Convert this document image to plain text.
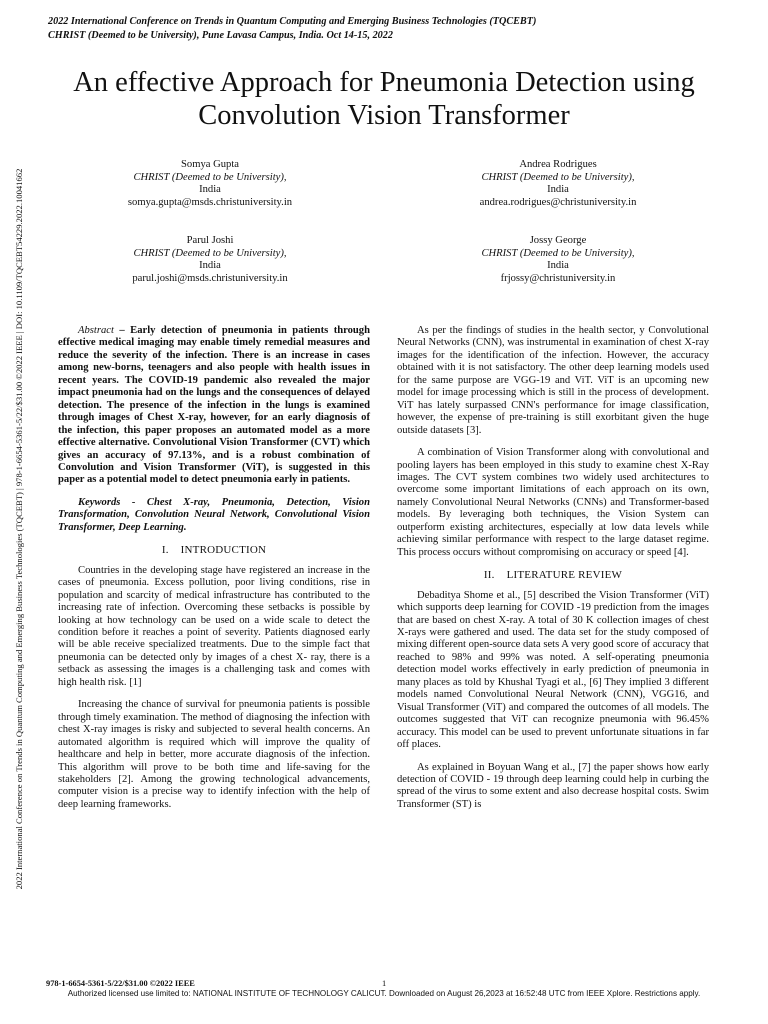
2022 International Conference on Trends in Quantum Computing and Emerging Business Technologies (TQCEBT)
CHRIST (Deemed to be University), Pune Lavasa Campus, India. Oct 14-15, 2022
2022 International Conference on Trends in Quantum Computing and Emerging Business Technologies (TQCEBT) | 978-1-6654-5361-5/22/$31.00 ©2022 IEEE | DOI: 10.1109/TQCEBT54229.2022.10041662
An effective Approach for Pneumonia Detection using Convolution Vision Transformer
Somya Gupta
CHRIST (Deemed to be University),
India
somya.gupta@msds.christuniversity.in
Andrea Rodrigues
CHRIST (Deemed to be University),
India
andrea.rodrigues@christuniversity.in
Parul Joshi
CHRIST (Deemed to be University),
India
parul.joshi@msds.christuniversity.in
Jossy George
CHRIST (Deemed to be University),
India
frjossy@christuniversity.in

Abstract – Early detection of pneumonia in patients through effective medical imaging may enable timely remedial measures and reduce the severity of the infection. There is an increase in cases among new-borns, teenagers and also people with health issues in recent years. The COVID-19 pandemic also revealed the major impact pneumonia had on the lungs and the consequences of delayed detection. The presence of the infection in the lungs is examined through images of Chest X-ray, however, for an early diagnosis of the infection, this paper proposes an automated model as a more effective alternative. Convolutional Vision Transformer (CVT) which gives an accuracy of 97.13%, and is a robust combination of Convolution and Vision Transformer (ViT), is suggested in this paper as a potential model to detect pneumonia early in patients.

Keywords - Chest X-ray, Pneumonia, Detection, Vision Transformation, Convolution Neural Network, Convolutional Vision Transformer, Deep Learning.

I. INTRODUCTION

Countries in the developing stage have registered an increase in the cases of pneumonia. Excess pollution, poor living conditions, rise in population and scarcity of medical infrastructure has contributed to the increasing rate of infection. Overcoming these setbacks is possible by looking at how technology can be used on a wide scale to detect the condition before it reaches a point of severity. Patients diagnosed early will be able receive specialized treatments. Due to the simple fact that pneumonia can be detected only by images of a chest X- ray, there is a setback as assessing the images is a challenging task and comes with high health risk. [1]

Increasing the chance of survival for pneumonia patients is possible through timely examination. The method of diagnosing the infection with chest X-ray images is risky and subjected to several health concerns. An automated algorithm is required which will improve the quality of healthcare and help in better, more accurate diagnosis of the infection. This algorithm will prove to be both time and life-saving for the stakeholders [2]. Among the growing technological advancements, computer vision is a precise way to identify infection with the help of deep learning frameworks.

As per the findings of studies in the health sector, y Convolutional Neural Networks (CNN), was instrumental in examination of chest X-ray images for the identification of the infection. However, the accuracy obtained with it is not satisfactory. The other deep learning models used for the same purpose are VGG-19 and ViT. ViT is an upcoming new model for image processing which is still in the process of development. ViT has lately surpassed CNN's performance for image classification, however, the expense of pre-training is still exorbitant given the huge outside datasets [3].

A combination of Vision Transformer along with convolutional and pooling layers has been employed in this study to examine chest X-Ray images. The CVT system combines two widely used architectures to overcome some important limitations of each approach on its own, namely Convolutional Neural Networks (CNNs) and Transformer-based models. By leveraging both techniques, the Vision System can outperform existing architectures, especially at low data levels while achieving similar performance with respect to the large dataset regime. This process occurs without compromising on accuracy or speed [4].

II. LITERATURE REVIEW

Debaditya Shome et al., [5] described the Vision Transformer (ViT) which supports deep learning for COVID -19 prediction from the images that are based on chest X-ray. A total of 30 K collection images of chest X-rays were gathered and used. The data set for the study composed of mixing different open-source data sets A very good score of accuracy that reached to 98% and 99% was noted. A self-operating pneumonia detection model works effectively in early prediction of pneumonia in many places as told by Khushal Tyagi et al., [6] They implied 3 different models named Convolutional Neural Network (CNN), VGG16, and Visual Transformer (ViT) and compared the outcomes of all models. The outcomes suggested that ViT can recognize pneumonia with 96.45% accuracy. This model can be used to prevent unfortunate situations in far off places.

As explained in Boyuan Wang et al., [7] the paper shows how early detection of COVID - 19 through deep learning could help in curbing the spread of the virus to some extent and also decrease hospital costs. Swim Transformer (ST) is

978-1-6654-5361-5/22/$31.00 ©2022 IEEE	1
Authorized licensed use limited to: NATIONAL INSTITUTE OF TECHNOLOGY CALICUT. Downloaded on August 26,2023 at 16:52:48 UTC from IEEE Xplore. Restrictions apply.
